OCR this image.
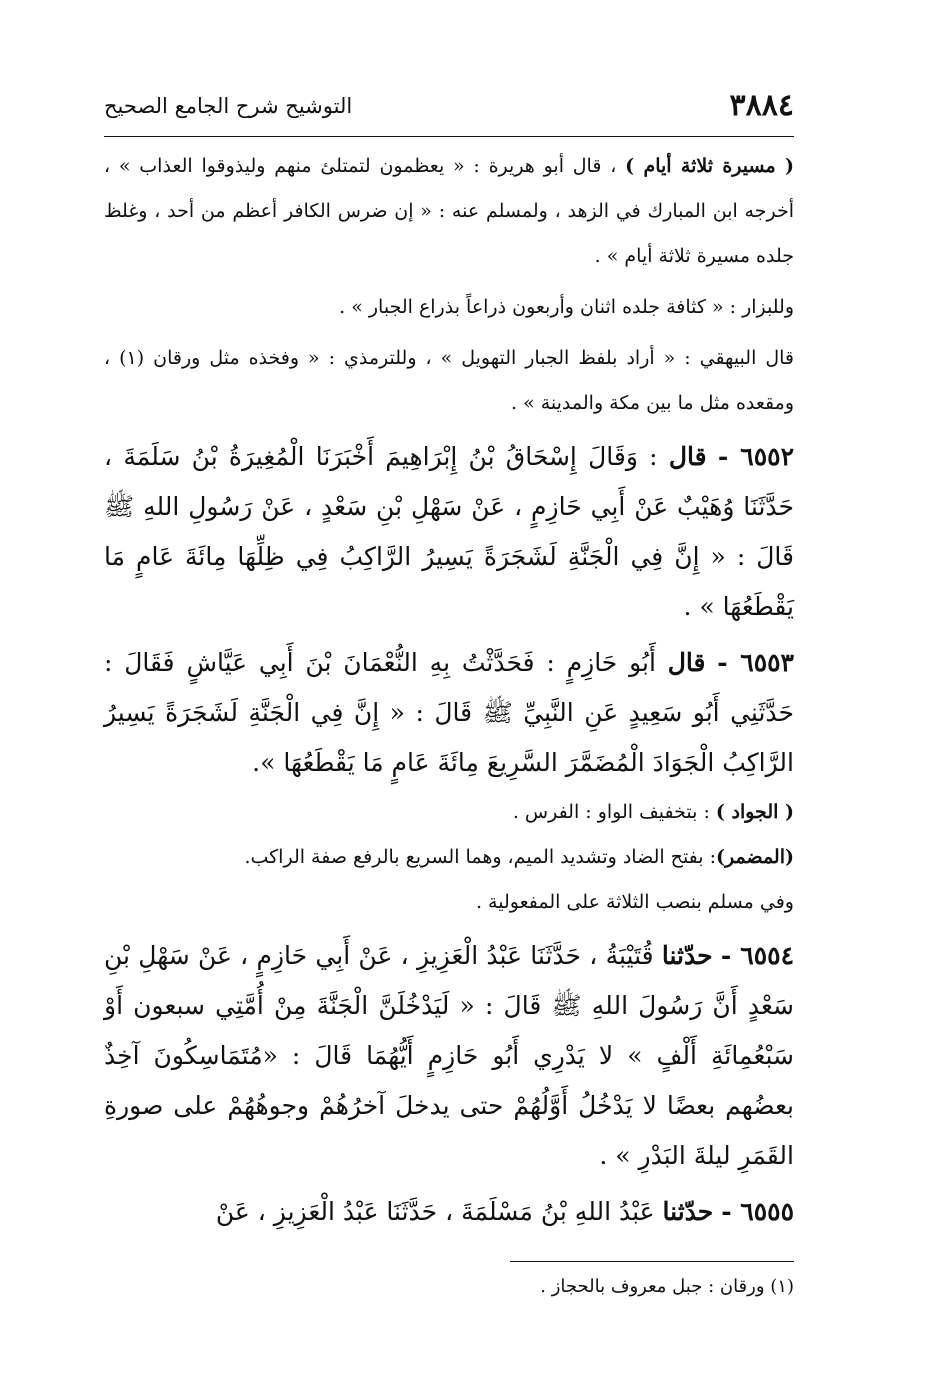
٣٨٨٤
التوشيح شرح الجامع الصحيح

( مسيرة ثلاثة أيام ) ، قال أبو هريرة : « يعظمون لتمتلئ منهم وليذوقوا العذاب » ، أخرجه ابن المبارك في الزهد ، ولمسلم عنه : « إن ضرس الكافر أعظم من أحد ، وغلظ جلده مسيرة ثلاثة أيام » .

وللبزار : « كثافة جلده اثنان وأربعون ذراعاً بذراع الجبار » .

قال البيهقي : « أراد بلفظ الجبار التهويل » ، وللترمذي : « وفخذه مثل ورقان (١) ، ومقعده مثل ما بين مكة والمدينة » .

٦٥٥٢ - قال : وَقَالَ إِسْحَاقُ بْنُ إِبْرَاهِيمَ أَخْبَرَنَا الْمُغِيرَةُ بْنُ سَلَمَةَ ، حَدَّثَنَا وُهَيْبٌ عَنْ أَبِي حَازِمٍ ، عَنْ سَهْلِ بْنِ سَعْدٍ ، عَنْ رَسُولِ اللهِ ﷺ قَالَ : « إِنَّ فِي الْجَنَّةِ لَشَجَرَةً يَسِيرُ الرَّاكِبُ فِي ظِلِّهَا مِائَةَ عَامٍ مَا يَقْطَعُهَا » .

٦٥٥٣ - قال أَبُو حَازِمٍ : فَحَدَّثْتُ بِهِ النُّعْمَانَ بْنَ أَبِي عَيَّاشٍ فَقَالَ : حَدَّثَنِي أَبُو سَعِيدٍ عَنِ النَّبِيِّ ﷺ قَالَ : « إِنَّ فِي الْجَنَّةِ لَشَجَرَةً يَسِيرُ الرَّاكِبُ الْجَوَادَ الْمُضَمَّرَ السَّرِيعَ مِائَةَ عَامٍ مَا يَقْطَعُهَا ».

( الجواد ) : بتخفيف الواو : الفرس .

(المضمر): بفتح الضاد وتشديد الميم، وهما السريع بالرفع صفة الراكب.

وفي مسلم بنصب الثلاثة على المفعولية .

٦٥٥٤ - حدّثنا قُتَيْبَةُ ، حَدَّثَنَا عَبْدُ الْعَزِيزِ ، عَنْ أَبِي حَازِمٍ ، عَنْ سَهْلِ بْنِ سَعْدٍ أَنَّ رَسُولَ اللهِ ﷺ قَالَ : « لَيَدْخُلَنَّ الْجَنَّةَ مِنْ أُمَّتِي سبعون أَوْ سَبْعُمِائَةِ أَلْفٍ » لا يَدْرِي أَبُو حَازِمٍ أَيُّهُمَا قَالَ : «مُتَمَاسِكُونَ آخِذٌ بعضُهم بعضًا لا يَدْخُلُ أَوَّلُهُمْ حتى يدخلَ آخرُهُمْ وجوهُهُمْ على صورةِ القَمَرِ ليلةَ البَدْرِ » .

٦٥٥٥ - حدّثنا عَبْدُ اللهِ بْنُ مَسْلَمَةَ ، حَدَّثَنَا عَبْدُ الْعَزِيزِ ، عَنْ

(١) ورقان : جبل معروف بالحجاز .
